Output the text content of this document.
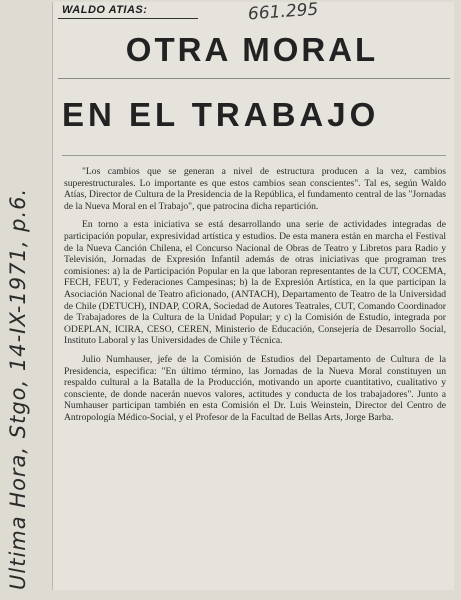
WALDO ATIAS:	661.295
OTRA MORAL
EN EL TRABAJO

"Los cambios que se generan a nivel de estructura producen a la vez, cambios superestructurales. Lo importante es que estos cambios sean conscientes". Tal es, según Waldo Atías, Director de Cultura de la Presidencia de la República, el fundamento central de las "Jornadas de la Nueva Moral en el Trabajo", que patrocina dicha repartición.

En torno a esta iniciativa se está desarrollando una serie de actividades integradas de participación popular, expresividad artística y estudios. De esta manera están en marcha el Festival de la Nueva Canción Chilena, el Concurso Nacional de Obras de Teatro y Libretos para Radio y Televisión, Jornadas de Expresión Infantil además de otras iniciativas que programan tres comisiones: a) la de Participación Popular en la que laboran representantes de la CUT, COCEMA, FECH, FEUT, y Federaciones Campesinas; b) la de Expresión Artística, en la que participan la Asociación Nacional de Teatro aficionado, (ANTACH), Departamento de Teatro de la Universidad de Chile (DETUCH), INDAP, CORA, Sociedad de Autores Teatrales, CUT, Comando Coordinador de Trabajadores de la Cultura de la Unidad Popular; y c) la Comisión de Estudio, integrada por ODEPLAN, ICIRA, CESO, CEREN, Ministerio de Educación, Consejería de Desarrollo Social, Instituto Laboral y las Universidades de Chile y Técnica.

Julio Numhauser, jefe de la Comisión de Estudios del Departamento de Cultura de la Presidencia, especifica: "En último término, las Jornadas de la Nueva Moral constituyen un respaldo cultural a la Batalla de la Producción, motivando un aporte cuantitativo, cualitativo y consciente, de donde nacerán nuevos valores, actitudes y conducta de los trabajadores". Junto a Numhauser participan también en esta Comisión el Dr. Luis Weinstein, Director del Centro de Antropología Médico-Social, y el Profesor de la Facultad de Bellas Arts, Jorge Barba.

Ultima Hora, Stgo, 14-IX-1971, p.6.
